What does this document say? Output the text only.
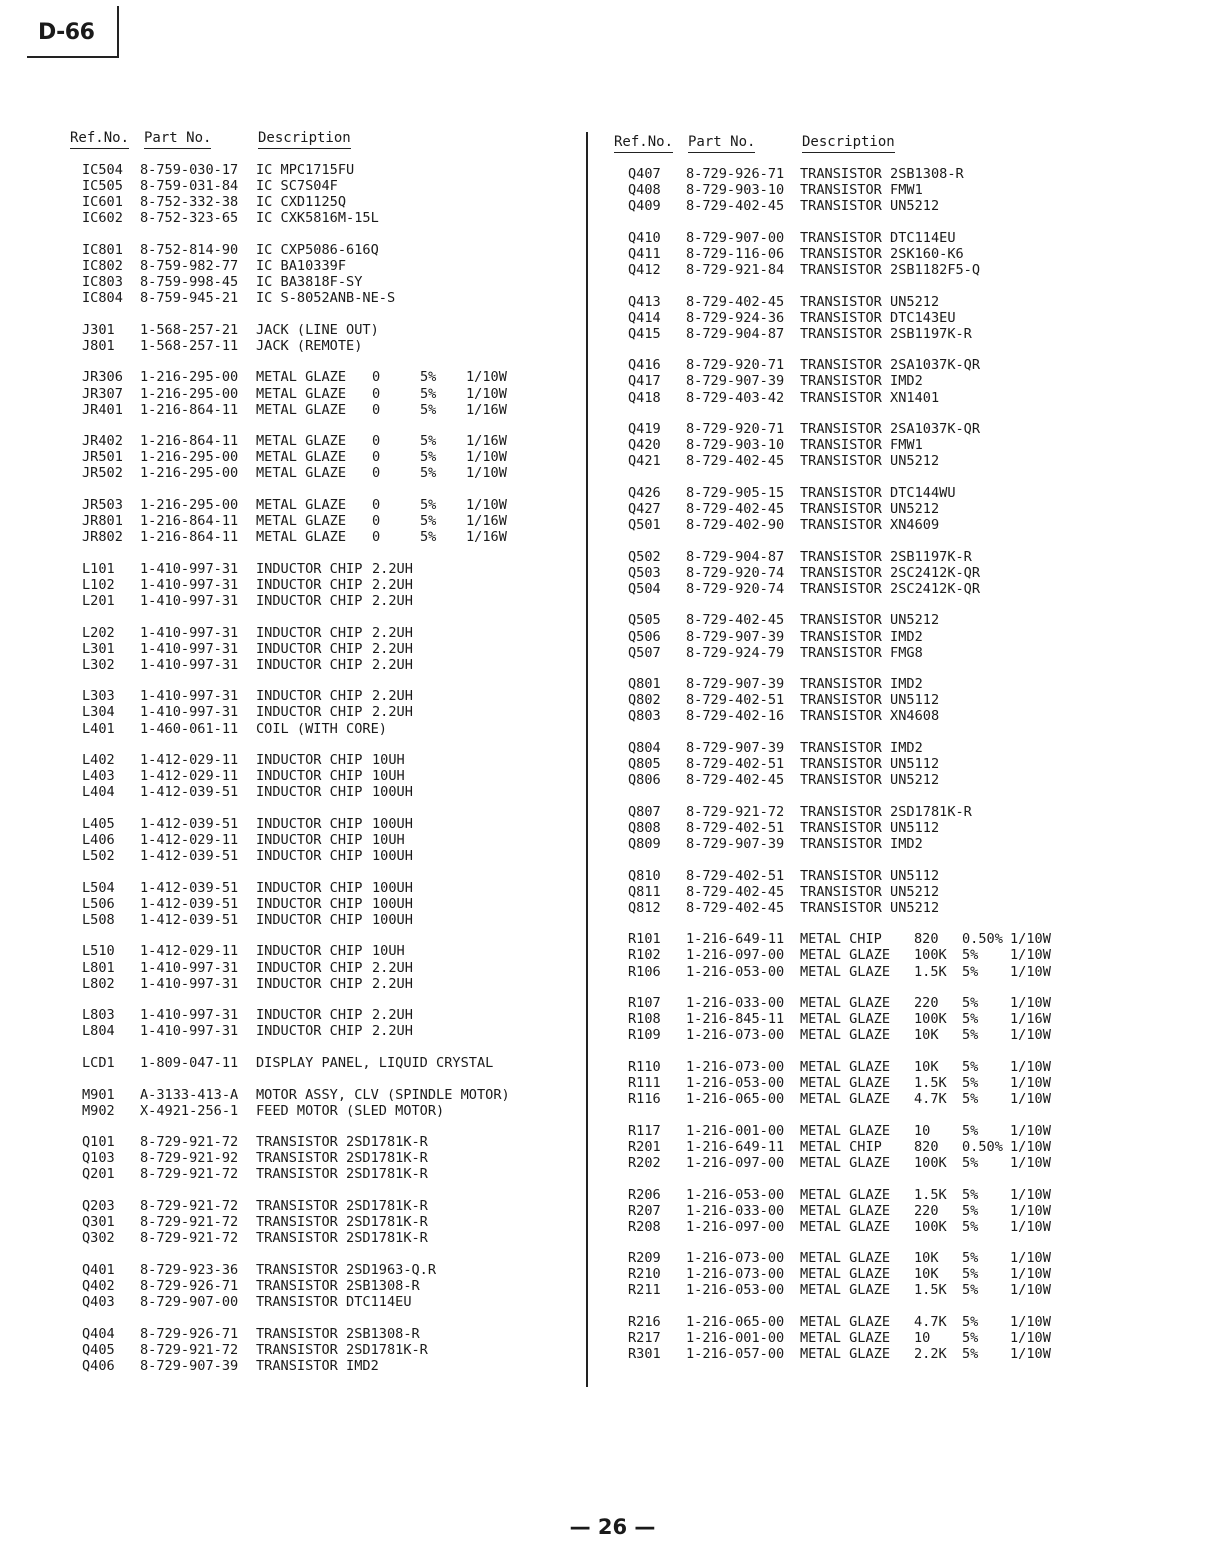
D-66
Ref.No. Part No.	Description
IC504 8-759-030-17 IC MPC1715FU
IC505 8-759-031-84 IC SC7S04F
IC601 8-752-332-38 IC CXD1125Q
IC602 8-752-323-65 IC CXK5816M-15L
IC801 8-752-814-90 IC CXP5086-616Q
IC802 8-759-982-77 IC BA10339F
IC803 8-759-998-45 IC BA3818F-SY
IC804 8-759-945-21 IC S-8052ANB-NE-S
J301 1-568-257-21 JACK (LINE OUT)
J801 1-568-257-11 JACK (REMOTE)
JR306 1-216-295-00 METAL GLAZE 0	5% 1/10W
JR307 1-216-295-00 METAL GLAZE 0	5% 1/10W
JR401 1-216-864-11 METAL GLAZE 0	5% 1/16W
JR402 1-216-864-11 METAL GLAZE 0	5% 1/16W
JR501 1-216-295-00 METAL GLAZE 0	5% 1/10W
JR502 1-216-295-00 METAL GLAZE 0	5% 1/10W
JR503 1-216-295-00 METAL GLAZE 0	5% 1/10W
JR801 1-216-864-11 METAL GLAZE 0	5% 1/16W
JR802 1-216-864-11 METAL GLAZE 0	5% 1/16W
L101 1-410-997-31 INDUCTOR CHIP 2.2UH
L102 1-410-997-31 INDUCTOR CHIP 2.2UH
L201 1-410-997-31 INDUCTOR CHIP 2.2UH
L202 1-410-997-31 INDUCTOR CHIP 2.2UH
L301 1-410-997-31 INDUCTOR CHIP 2.2UH
L302 1-410-997-31 INDUCTOR CHIP 2.2UH
L303 1-410-997-31 INDUCTOR CHIP 2.2UH
L304 1-410-997-31 INDUCTOR CHIP 2.2UH
L401 1-460-061-11 COIL (WITH CORE)
L402 1-412-029-11 INDUCTOR CHIP 10UH
L403 1-412-029-11 INDUCTOR CHIP 10UH
L404 1-412-039-51 INDUCTOR CHIP 100UH
L405 1-412-039-51 INDUCTOR CHIP 100UH
L406 1-412-029-11 INDUCTOR CHIP 10UH
L502 1-412-039-51 INDUCTOR CHIP 100UH
L504 1-412-039-51 INDUCTOR CHIP 100UH
L506 1-412-039-51 INDUCTOR CHIP 100UH
L508 1-412-039-51 INDUCTOR CHIP 100UH
L510 1-412-029-11 INDUCTOR CHIP 10UH
L801 1-410-997-31 INDUCTOR CHIP 2.2UH
L802 1-410-997-31 INDUCTOR CHIP 2.2UH
L803 1-410-997-31 INDUCTOR CHIP 2.2UH
L804 1-410-997-31 INDUCTOR CHIP 2.2UH
LCD1 1-809-047-11 DISPLAY PANEL, LIQUID CRYSTAL
M901 A-3133-413-A MOTOR ASSY, CLV (SPINDLE MOTOR)
M902 X-4921-256-1 FEED MOTOR (SLED MOTOR)
Q101 8-729-921-72 TRANSISTOR 2SD1781K-R
Q103 8-729-921-92 TRANSISTOR 2SD1781K-R
Q201 8-729-921-72 TRANSISTOR 2SD1781K-R
Q203 8-729-921-72 TRANSISTOR 2SD1781K-R
Q301 8-729-921-72 TRANSISTOR 2SD1781K-R
Q302 8-729-921-72 TRANSISTOR 2SD1781K-R
Q401 8-729-923-36 TRANSISTOR 2SD1963-Q.R
Q402 8-729-926-71 TRANSISTOR 2SB1308-R
Q403 8-729-907-00 TRANSISTOR DTC114EU
Q404 8-729-926-71 TRANSISTOR 2SB1308-R
Q405 8-729-921-72 TRANSISTOR 2SD1781K-R
Q406 8-729-907-39 TRANSISTOR IMD2
Ref.No. Part No.	Description
Q407 8-729-926-71 TRANSISTOR 2SB1308-R
Q408 8-729-903-10 TRANSISTOR FMW1
Q409 8-729-402-45 TRANSISTOR UN5212
Q410 8-729-907-00 TRANSISTOR DTC114EU
Q411 8-729-116-06 TRANSISTOR 2SK160-K6
Q412 8-729-921-84 TRANSISTOR 2SB1182F5-Q
Q413 8-729-402-45 TRANSISTOR UN5212
Q414 8-729-924-36 TRANSISTOR DTC143EU
Q415 8-729-904-87 TRANSISTOR 2SB1197K-R
Q416 8-729-920-71 TRANSISTOR 2SA1037K-QR
Q417 8-729-907-39 TRANSISTOR IMD2
Q418 8-729-403-42 TRANSISTOR XN1401
Q419 8-729-920-71 TRANSISTOR 2SA1037K-QR
Q420 8-729-903-10 TRANSISTOR FMW1
Q421 8-729-402-45 TRANSISTOR UN5212
Q426 8-729-905-15 TRANSISTOR DTC144WU
Q427 8-729-402-45 TRANSISTOR UN5212
Q501 8-729-402-90 TRANSISTOR XN4609
Q502 8-729-904-87 TRANSISTOR 2SB1197K-R
Q503 8-729-920-74 TRANSISTOR 2SC2412K-QR
Q504 8-729-920-74 TRANSISTOR 2SC2412K-QR
Q505 8-729-402-45 TRANSISTOR UN5212
Q506 8-729-907-39 TRANSISTOR IMD2
Q507 8-729-924-79 TRANSISTOR FMG8
Q801 8-729-907-39 TRANSISTOR IMD2
Q802 8-729-402-51 TRANSISTOR UN5112
Q803 8-729-402-16 TRANSISTOR XN4608
Q804 8-729-907-39 TRANSISTOR IMD2
Q805 8-729-402-51 TRANSISTOR UN5112
Q806 8-729-402-45 TRANSISTOR UN5212
Q807 8-729-921-72 TRANSISTOR 2SD1781K-R
Q808 8-729-402-51 TRANSISTOR UN5112
Q809 8-729-907-39 TRANSISTOR IMD2
Q810 8-729-402-51 TRANSISTOR UN5112
Q811 8-729-402-45 TRANSISTOR UN5212
Q812 8-729-402-45 TRANSISTOR UN5212
R101 1-216-649-11 METAL CHIP 820 0.50% 1/10W
R102 1-216-097-00 METAL GLAZE 100K 5% 1/10W
R106 1-216-053-00 METAL GLAZE 1.5K 5% 1/10W
R107 1-216-033-00 METAL GLAZE 220 5% 1/10W
R108 1-216-845-11 METAL GLAZE 100K 5% 1/16W
R109 1-216-073-00 METAL GLAZE 10K 5% 1/10W
R110 1-216-073-00 METAL GLAZE 10K 5% 1/10W
R111 1-216-053-00 METAL GLAZE 1.5K 5% 1/10W
R116 1-216-065-00 METAL GLAZE 4.7K 5% 1/10W
R117 1-216-001-00 METAL GLAZE 10 5% 1/10W
R201 1-216-649-11 METAL CHIP 820 0.50% 1/10W
R202 1-216-097-00 METAL GLAZE 100K 5% 1/10W
R206 1-216-053-00 METAL GLAZE 1.5K 5% 1/10W
R207 1-216-033-00 METAL GLAZE 220 5% 1/10W
R208 1-216-097-00 METAL GLAZE 100K 5% 1/10W
R209 1-216-073-00 METAL GLAZE 10K 5% 1/10W
R210 1-216-073-00 METAL GLAZE 10K 5% 1/10W
R211 1-216-053-00 METAL GLAZE 1.5K 5% 1/10W
R216 1-216-065-00 METAL GLAZE 4.7K 5% 1/10W
R217 1-216-001-00 METAL GLAZE 10 5% 1/10W
R301 1-216-057-00 METAL GLAZE 2.2K 5% 1/10W
— 26 —
